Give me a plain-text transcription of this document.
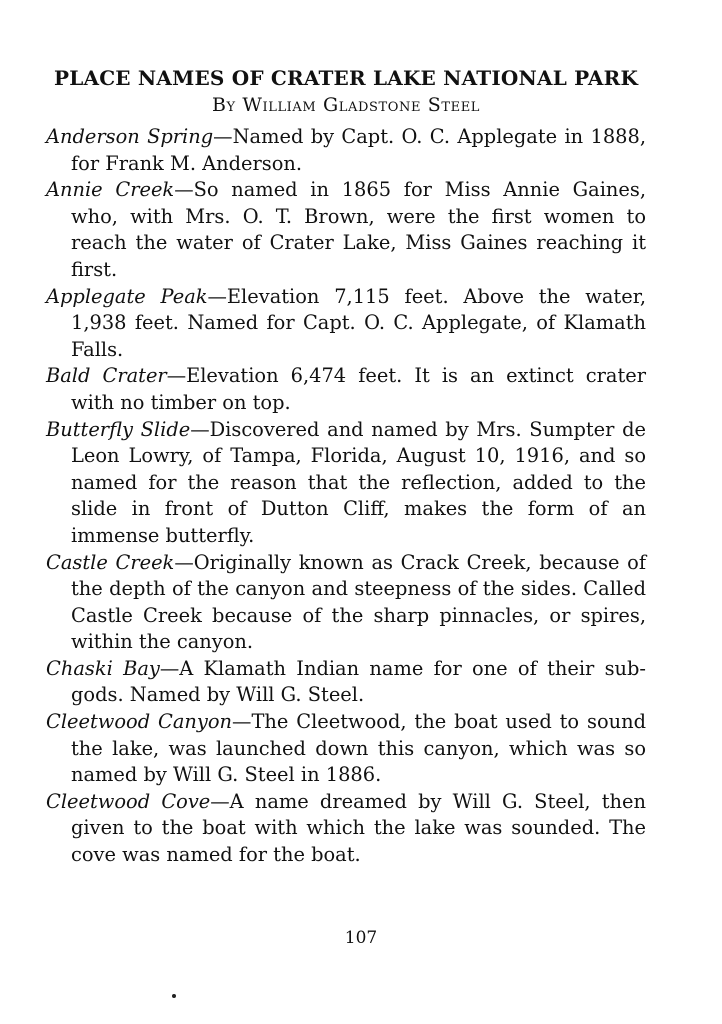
PLACE NAMES OF CRATER LAKE NATIONAL PARK

By William Gladstone Steel

Anderson Spring—Named by Capt. O. C. Applegate in 1888, for Frank M. Anderson.

Annie Creek—So named in 1865 for Miss Annie Gaines, who, with Mrs. O. T. Brown, were the first women to reach the water of Crater Lake, Miss Gaines reaching it first.

Applegate Peak—Elevation 7,115 feet. Above the water, 1,938 feet. Named for Capt. O. C. Applegate, of Klamath Falls.

Bald Crater—Elevation 6,474 feet. It is an extinct crater with no timber on top.

Butterfly Slide—Discovered and named by Mrs. Sumpter de Leon Lowry, of Tampa, Florida, August 10, 1916, and so named for the reason that the reflection, added to the slide in front of Dutton Cliff, makes the form of an immense butterfly.

Castle Creek—Originally known as Crack Creek, because of the depth of the canyon and steepness of the sides. Called Castle Creek because of the sharp pinnacles, or spires, within the canyon.

Chaski Bay—A Klamath Indian name for one of their sub-gods. Named by Will G. Steel.

Cleetwood Canyon—The Cleetwood, the boat used to sound the lake, was launched down this canyon, which was so named by Will G. Steel in 1886.

Cleetwood Cove—A name dreamed by Will G. Steel, then given to the boat with which the lake was sounded. The cove was named for the boat.

107
